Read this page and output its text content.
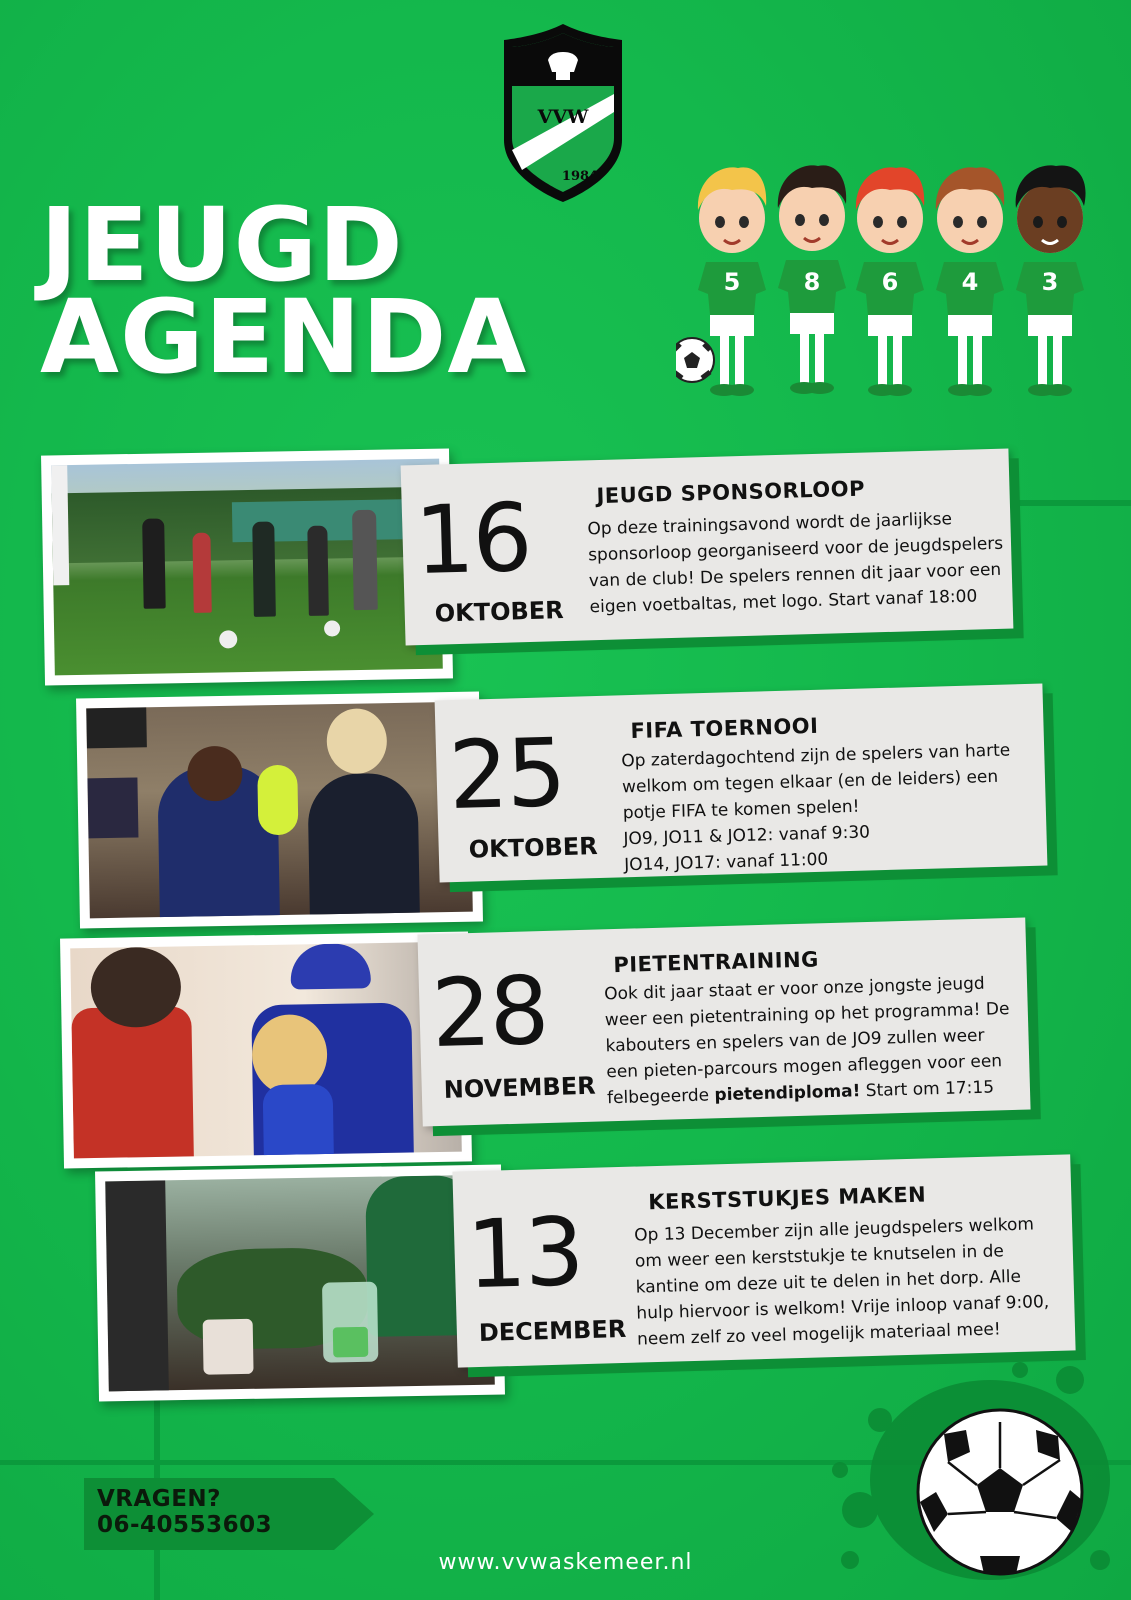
VVW
1984
JEUGD
AGENDA	5	8	6	4	3
16
OKTOBER
JEUGD SPONSORLOOP

Op deze trainingsavond wordt de jaarlijkse

sponsorloop georganiseerd voor de jeugdspelers

van de club! De spelers rennen dit jaar voor een

eigen voetbaltas, met logo. Start vanaf 18:00

25
OKTOBER
FIFA TOERNOOI

Op zaterdagochtend zijn de spelers van harte

welkom om tegen elkaar (en de leiders) een

potje FIFA te komen spelen!

JO9, JO11 & JO12: vanaf 9:30

JO14, JO17: vanaf 11:00

28
NOVEMBER
PIETENTRAINING

Ook dit jaar staat er voor onze jongste jeugd

weer een pietentraining op het programma! De

kabouters en spelers van de JO9 zullen weer

een pieten-parcours mogen afleggen voor een

felbegeerde pietendiploma! Start om 17:15

13
DECEMBER
KERSTSTUKJES MAKEN

Op 13 December zijn alle jeugdspelers welkom

om weer een kerststukje te knutselen in de

kantine om deze uit te delen in het dorp. Alle

hulp hiervoor is welkom! Vrije inloop vanaf 9:00,

neem zelf zo veel mogelijk materiaal mee!

VRAGEN?
06-40553603
www.vvwaskemeer.nl
